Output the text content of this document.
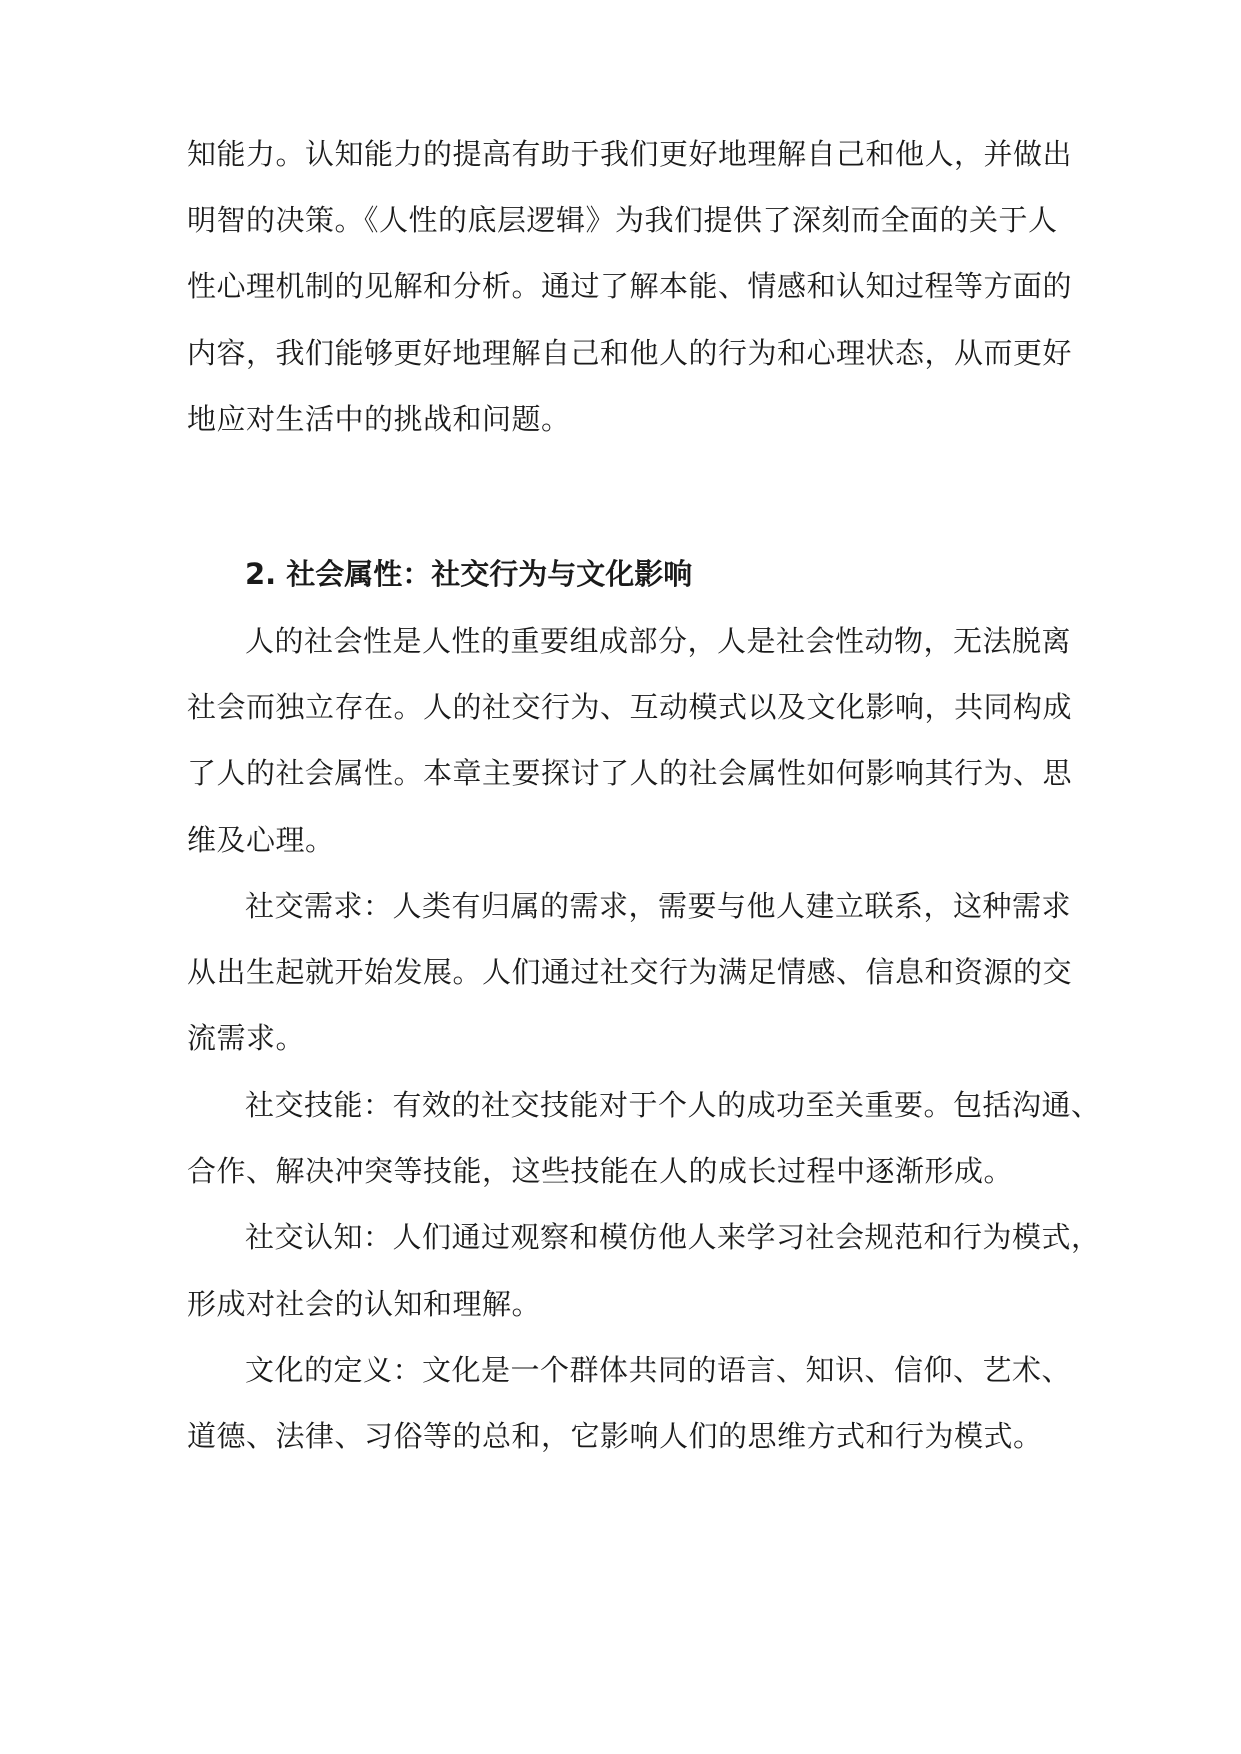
知能力。认知能力的提高有助于我们更好地理解自己和他人，并做出
明智的决策。《人性的底层逻辑》为我们提供了深刻而全面的关于人
性心理机制的见解和分析。通过了解本能、情感和认知过程等方面的
内容，我们能够更好地理解自己和他人的行为和心理状态，从而更好
地应对生活中的挑战和问题。
2. 社会属性：社交行为与文化影响
人的社会性是人性的重要组成部分，人是社会性动物，无法脱离
社会而独立存在。人的社交行为、互动模式以及文化影响，共同构成
了人的社会属性。本章主要探讨了人的社会属性如何影响其行为、思
维及心理。
社交需求：人类有归属的需求，需要与他人建立联系，这种需求
从出生起就开始发展。人们通过社交行为满足情感、信息和资源的交
流需求。
社交技能：有效的社交技能对于个人的成功至关重要。包括沟通、
合作、解决冲突等技能，这些技能在人的成长过程中逐渐形成。
社交认知：人们通过观察和模仿他人来学习社会规范和行为模式，
形成对社会的认知和理解。
文化的定义：文化是一个群体共同的语言、知识、信仰、艺术、
道德、法律、习俗等的总和，它影响人们的思维方式和行为模式。
